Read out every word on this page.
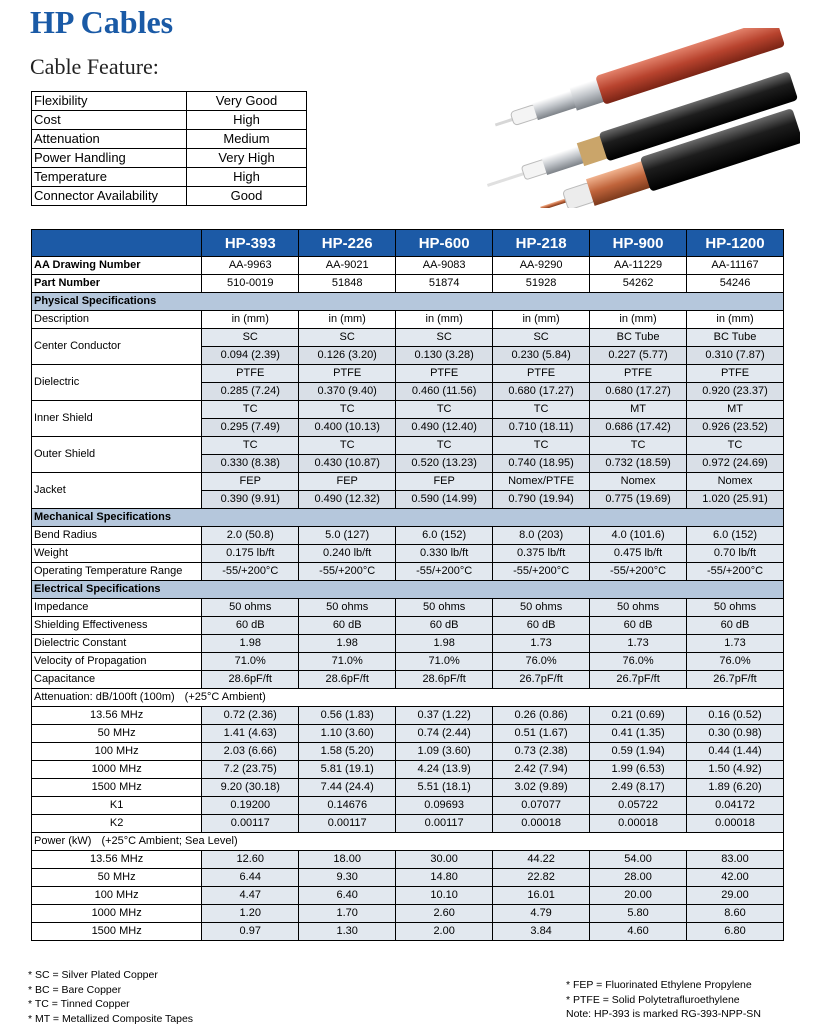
HP Cables
Cable Feature:
Flexibility	Very Good
Cost	High
Attenuation	Medium
Power Handling	Very High
Temperature	High
Connector Availability	Good
	HP-393	HP-226	HP-600	HP-218	HP-900	HP-1200
AA Drawing Number	AA-9963	AA-9021	AA-9083	AA-9290	AA-11229	AA-11167
Part Number	510-0019	51848	51874	51928	54262	54246
Physical Specifications						
Description	in (mm)	in (mm)	in (mm)	in (mm)	in (mm)	in (mm)
Center Conductor	SC	SC	SC	SC	BC Tube	BC Tube
	0.094 (2.39)	0.126 (3.20)	0.130 (3.28)	0.230 (5.84)	0.227 (5.77)	0.310 (7.87)
Dielectric	PTFE	PTFE	PTFE	PTFE	PTFE	PTFE
	0.285 (7.24)	0.370 (9.40)	0.460 (11.56)	0.680 (17.27)	0.680 (17.27)	0.920 (23.37)
Inner Shield	TC	TC	TC	TC	MT	MT
	0.295 (7.49)	0.400 (10.13)	0.490 (12.40)	0.710 (18.11)	0.686 (17.42)	0.926 (23.52)
Outer Shield	TC	TC	TC	TC	TC	TC
	0.330 (8.38)	0.430 (10.87)	0.520 (13.23)	0.740 (18.95)	0.732 (18.59)	0.972 (24.69)
Jacket	FEP	FEP	FEP	Nomex/PTFE	Nomex	Nomex
	0.390 (9.91)	0.490 (12.32)	0.590 (14.99)	0.790 (19.94)	0.775 (19.69)	1.020 (25.91)
Mechanical Specifications						
Bend Radius	2.0 (50.8)	5.0 (127)	6.0 (152)	8.0 (203)	4.0 (101.6)	6.0 (152)
Weight	0.175 lb/ft	0.240 lb/ft	0.330 lb/ft	0.375 lb/ft	0.475 lb/ft	0.70 lb/ft
Operating Temperature Range	-55/+200°C	-55/+200°C	-55/+200°C	-55/+200°C	-55/+200°C	-55/+200°C
Electrical Specifications						
Impedance	50 ohms	50 ohms	50 ohms	50 ohms	50 ohms	50 ohms
Shielding Effectiveness	60 dB	60 dB	60 dB	60 dB	60 dB	60 dB
Dielectric Constant	1.98	1.98	1.98	1.73	1.73	1.73
Velocity of Propagation	71.0%	71.0%	71.0%	76.0%	76.0%	76.0%
Capacitance	28.6pF/ft	28.6pF/ft	28.6pF/ft	26.7pF/ft	26.7pF/ft	26.7pF/ft
Attenuation: dB/100ft (100m) (+25°C Ambient)						
13.56 MHz	0.72 (2.36)	0.56 (1.83)	0.37 (1.22)	0.26 (0.86)	0.21 (0.69)	0.16 (0.52)
50 MHz	1.41 (4.63)	1.10 (3.60)	0.74 (2.44)	0.51 (1.67)	0.41 (1.35)	0.30 (0.98)
100 MHz	2.03 (6.66)	1.58 (5.20)	1.09 (3.60)	0.73 (2.38)	0.59 (1.94)	0.44 (1.44)
1000 MHz	7.2 (23.75)	5.81 (19.1)	4.24 (13.9)	2.42 (7.94)	1.99 (6.53)	1.50 (4.92)
1500 MHz	9.20 (30.18)	7.44 (24.4)	5.51 (18.1)	3.02 (9.89)	2.49 (8.17)	1.89 (6.20)
K1	0.19200	0.14676	0.09693	0.07077	0.05722	0.04172
K2	0.00117	0.00117	0.00117	0.00018	0.00018	0.00018
Power (kW) (+25°C Ambient; Sea Level)						
13.56 MHz	12.60	18.00	30.00	44.22	54.00	83.00
50 MHz	6.44	9.30	14.80	22.82	28.00	42.00
100 MHz	4.47	6.40	10.10	16.01	20.00	29.00
1000 MHz	1.20	1.70	2.60	4.79	5.80	8.60
1500 MHz	0.97	1.30	2.00	3.84	4.60	6.80
* SC = Silver Plated Copper
* BC = Bare Copper
* TC = Tinned Copper
* MT = Metallized Composite Tapes
* FEP = Fluorinated Ethylene Propylene
* PTFE = Solid Polytetrafluroethylene
Note: HP-393 is marked RG-393-NPP-SN
